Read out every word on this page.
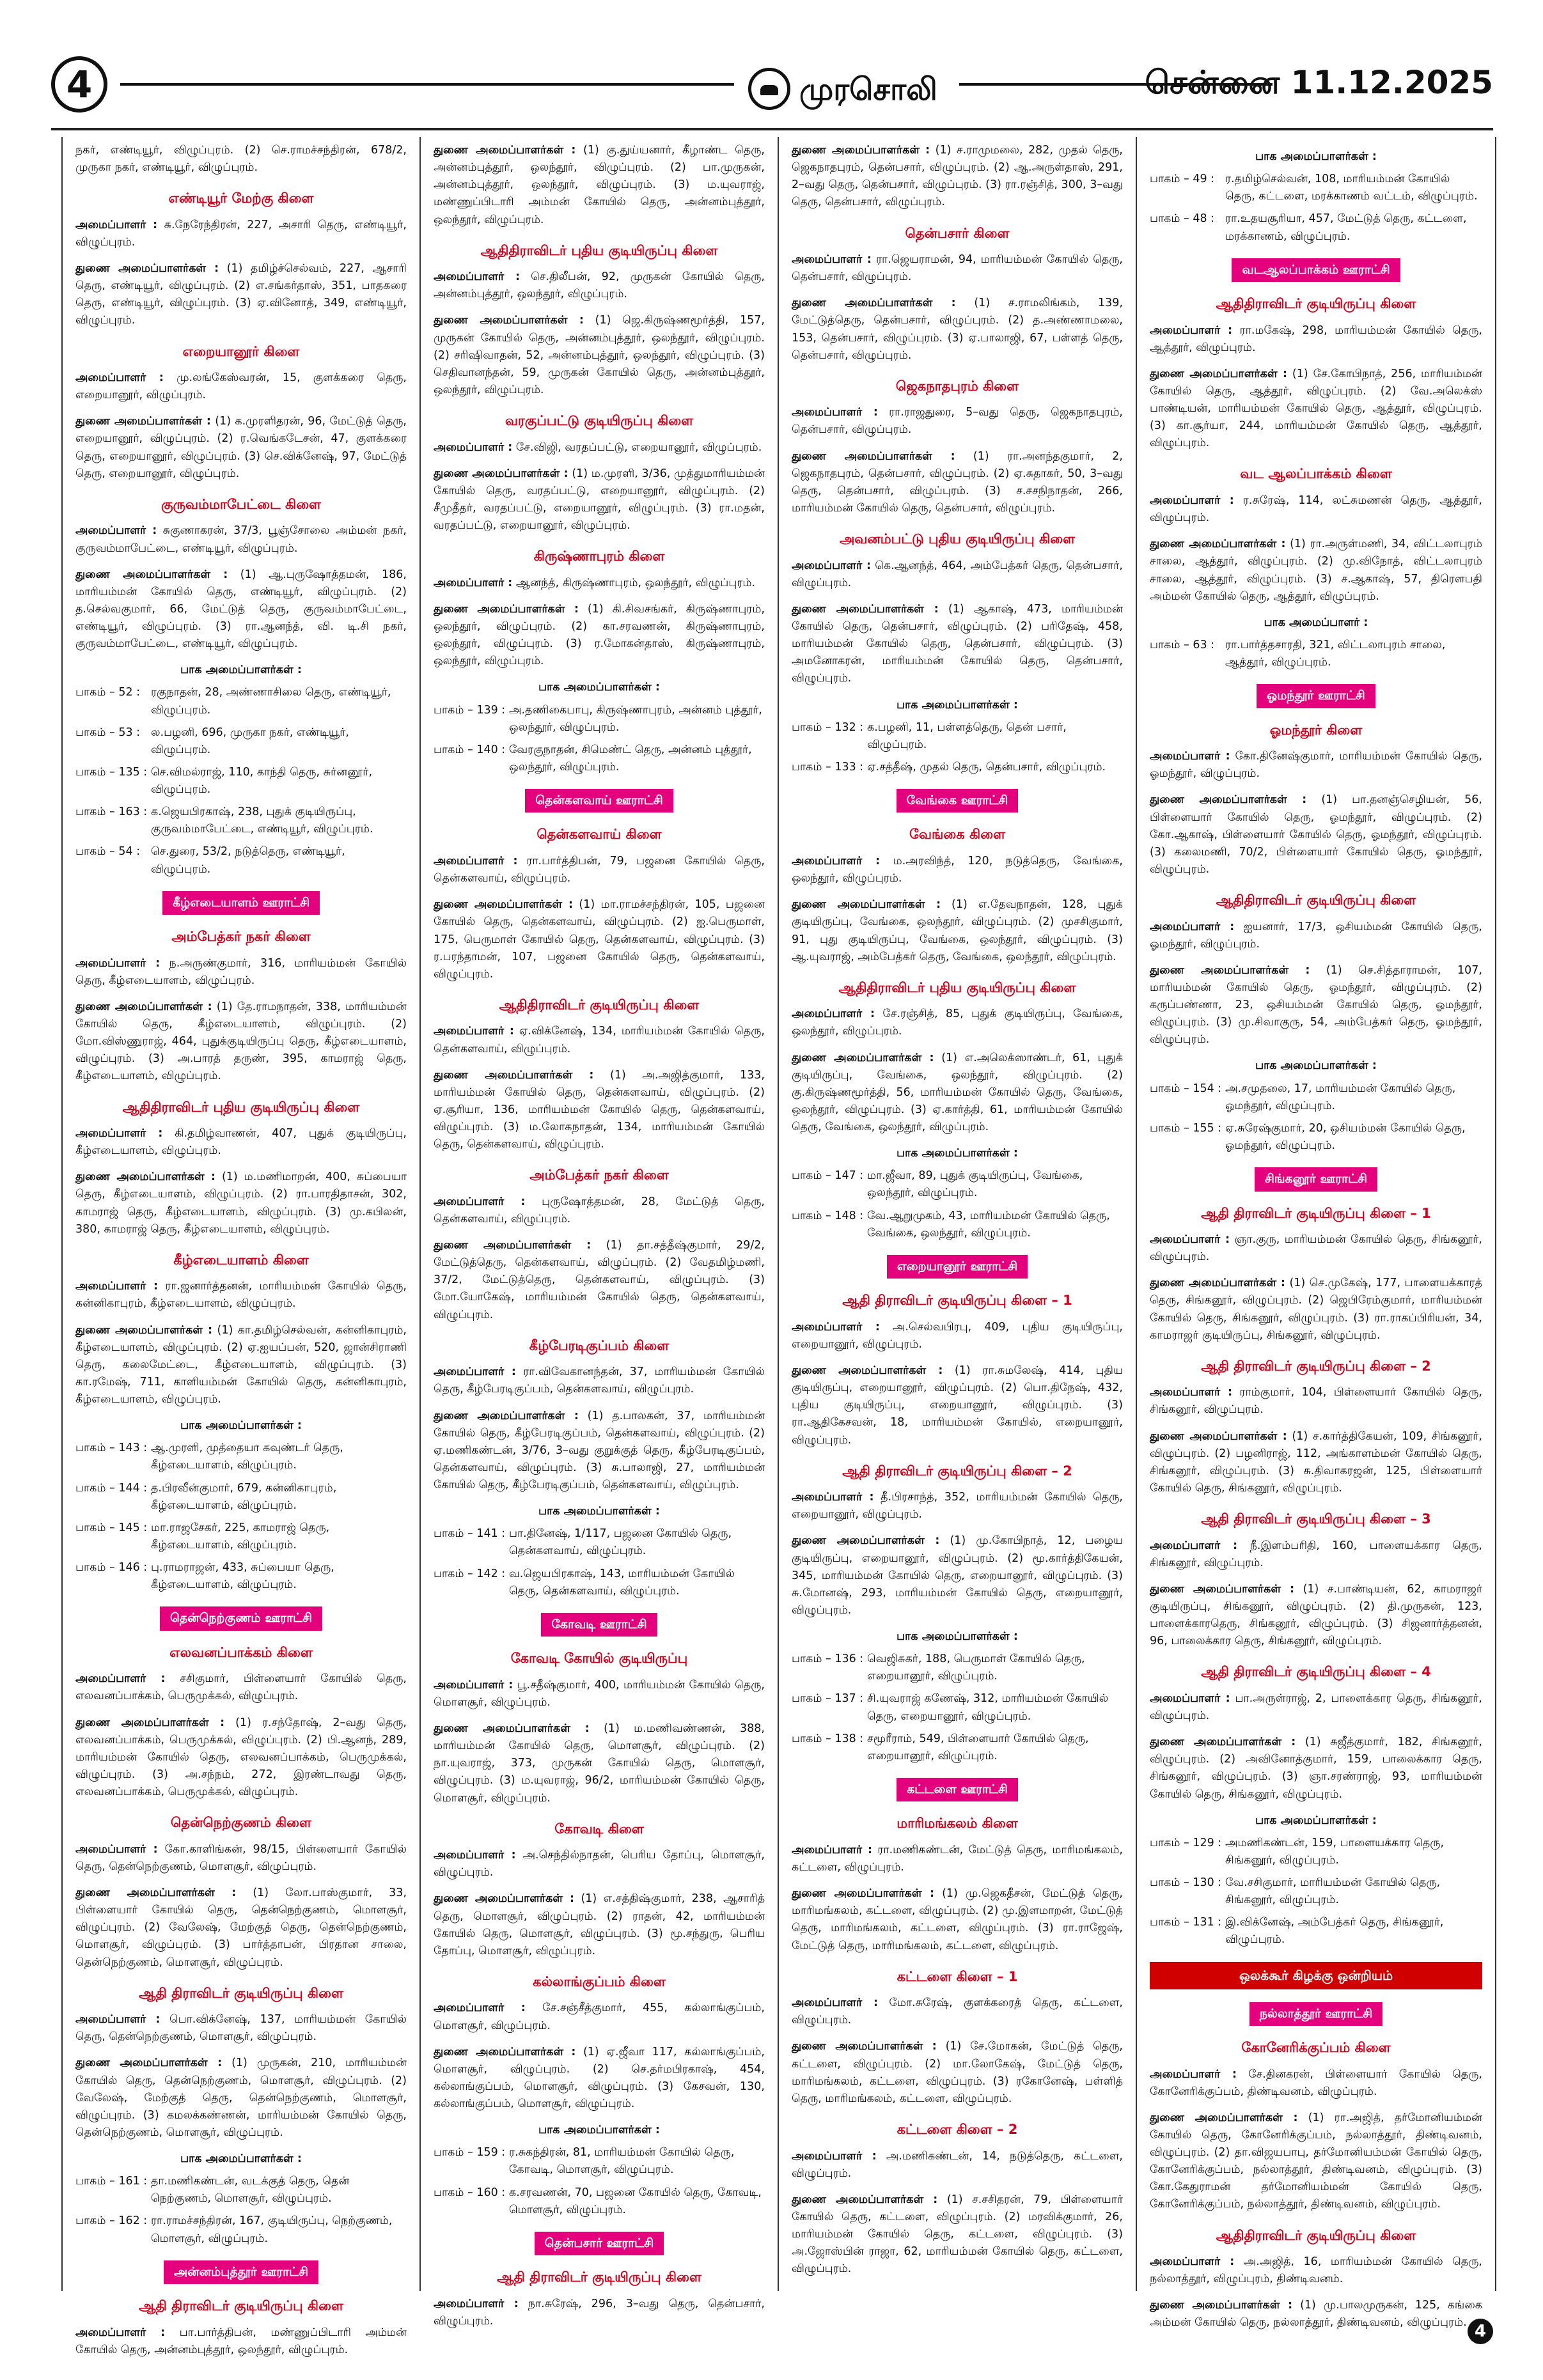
4	முரசொலி	சென்னை 11.12.2025

நகர், எண்டியூர், விழுப்புரம். (2) செ.ராமச்சந்திரன், 678/2, முருகா நகர், எண்டியூர், விழுப்புரம்.

எண்டியூர் மேற்கு கிளை

அமைப்பாளர் : சு.நேரேந்திரன், 227, அசாரி தெரு, எண்டியூர், விழுப்புரம்.

துணை அமைப்பாளர்கள் : (1) தமிழ்ச்செல்வம், 227, ஆசாரி தெரு, எண்டியூர், விழுப்புரம். (2) எ.சங்கர்தாஸ், 351, பாதகரை தெரு, எண்டியூர், விழுப்புரம். (3) ஏ.வினோத், 349, எண்டியூர், விழுப்புரம்.

எறையானூர் கிளை

அமைப்பாளர் : மு.லங்கேஸ்வரன், 15, குளக்கரை தெரு, எறையானூர், விழுப்புரம்.

துணை அமைப்பாளர்கள் : (1) க.முரளிதரன், 96, மேட்டுத் தெரு, எறையானூர், விழுப்புரம். (2) ர.வெங்கடேசன், 47, குளக்கரை தெரு, எறையானூர், விழுப்புரம். (3) செ.விக்னேஷ், 97, மேட்டுத் தெரு, எறையானூர், விழுப்புரம்.

குருவம்மாபேட்டை கிளை

அமைப்பாளர் : சுகுணாகரன், 37/3, பூஞ்சோலை அம்மன் நகர், குருவம்மாபேட்டை, எண்டியூர், விழுப்புரம்.

துணை அமைப்பாளர்கள் : (1) ஆ.புருஷோத்தமன், 186, மாரியம்மன் கோயில் தெரு, எண்டியூர், விழுப்புரம். (2) த.செல்வகுமார், 66, மேட்டுத் தெரு, குருவம்மாபேட்டை, எண்டியூர், விழுப்புரம். (3) ரா.ஆனந்த், வி. டி.சி நகர், குருவம்மாபேட்டை, எண்டியூர், விழுப்புரம்.

பாக அமைப்பாளர்கள் :
பாகம் – 52 : ரகுநாதன், 28, அண்ணாசிலை தெரு, எண்டியூர், விழுப்புரம்.
பாகம் – 53 : ல.பழனி, 696, முருகா நகர், எண்டியூர், விழுப்புரம்.
பாகம் – 135 : செ.விமல்ராஜ், 110, காந்தி தெரு, சுர்னனூர், விழுப்புரம்.
பாகம் – 163 : க.ஜெயபிரகாஷ், 238, புதுக் குடியிருப்பு, குருவம்மாபேட்டை, எண்டியூர், விழுப்புரம்.
பாகம் – 54 : செ.துரை, 53/2, நடுத்தெரு, எண்டியூர், விழுப்புரம்.
கீழ்எடையாளம் ஊராட்சி
அம்பேத்கர் நகர் கிளை

அமைப்பாளர் : ந.அருண்குமார், 316, மாரியம்மன் கோயில் தெரு, கீழ்எடையாளம், விழுப்புரம்.

துணை அமைப்பாளர்கள் : (1) தே.ராமநாதன், 338, மாரியம்மன் கோயில் தெரு, கீழ்எடையாளம், விழுப்புரம். (2) மோ.விஸ்ணுராஜ், 464, புதுக்குடியிருப்பு தெரு, கீழ்எடையாளம், விழுப்புரம். (3) அ.பாரத் தருண், 395, காமராஜ் தெரு, கீழ்எடையாளம், விழுப்புரம்.

ஆதிதிராவிடர் புதிய குடியிருப்பு கிளை

அமைப்பாளர் : கி.தமிழ்வாணன், 407, புதுக் குடியிருப்பு, கீழ்எடையாளம், விழுப்புரம்.

துணை அமைப்பாளர்கள் : (1) ம.மணிமாறன், 400, சுப்பையா தெரு, கீழ்எடையாளம், விழுப்புரம். (2) ரா.பாரதிதாசன், 302, காமராஜ் தெரு, கீழ்எடையாளம், விழுப்புரம். (3) மு.கபிலன், 380, காமராஜ் தெரு, கீழ்எடையாளம், விழுப்புரம்.

கீழ்எடையாளம் கிளை

அமைப்பாளர் : ரா.ஜனார்த்தனன், மாரியம்மன் கோயில் தெரு, கன்னிகாபுரம், கீழ்எடையாளம், விழுப்புரம்.

துணை அமைப்பாளர்கள் : (1) கா.தமிழ்செல்வன், கன்னிகாபுரம், கீழ்எடையாளம், விழுப்புரம். (2) ஏ.ஐயப்பன், 520, ஜான்சிராணி தெரு, கலைமேட்டை, கீழ்எடையாளம், விழுப்புரம். (3) கா.ரமேஷ், 711, காளியம்மன் கோயில் தெரு, கன்னிகாபுரம், கீழ்எடையாளம், விழுப்புரம்.

பாக அமைப்பாளர்கள் :
பாகம் – 143 : ஆ.முரளி, முத்தையா கவுண்டர் தெரு, கீழ்எடையாளம், விழுப்புரம்.
பாகம் – 144 : த.பிரவீன்குமார், 679, கன்னிகாபுரம், கீழ்எடையாளம், விழுப்புரம்.
பாகம் – 145 : மா.ராஜசேகர், 225, காமராஜ் தெரு, கீழ்எடையாளம், விழுப்புரம்.
பாகம் – 146 : பு.ராமராஜன், 433, சுப்பையா தெரு, கீழ்எடையாளம், விழுப்புரம்.
தென்நெற்குணம் ஊராட்சி
எலவனப்பாக்கம் கிளை

அமைப்பாளர் : சசிகுமார், பிள்ளையார் கோயில் தெரு, எலவனப்பாக்கம், பெருமுக்கல், விழுப்புரம்.

துணை அமைப்பாளர்கள் : (1) ர.சந்தோஷ், 2–வது தெரு, எலவனப்பாக்கம், பெருமுக்கல், விழுப்புரம். (2) பி.ஆனந், 289, மாரியம்மன் கோயில் தெரு, எலவனப்பாக்கம், பெருமுக்கல், விழுப்புரம். (3) அ.சந்நம், 272, இரண்டாவது தெரு, எலவனப்பாக்கம், பெருமுக்கல், விழுப்புரம்.

தென்நெற்குணம் கிளை

அமைப்பாளர் : கோ.காளிங்கன், 98/15, பிள்ளையார் கோயில் தெரு, தென்நெற்குணம், மொளசூர், விழுப்புரம்.

துணை அமைப்பாளர்கள் : (1) லோ.பாஸ்குமார், 33, பிள்ளையார் கோயில் தெரு, தென்நெற்குணம், மொளசூர், விழுப்புரம். (2) வேலேஷ், மேற்குத் தெரு, தென்நெற்குணம், மொளசூர், விழுப்புரம். (3) பார்த்தாபன், பிரதான சாலை, தென்நெற்குணம், மொளசூர், விழுப்புரம்.

ஆதி திராவிடர் குடியிருப்பு கிளை

அமைப்பாளர் : பொ.விக்னேஷ், 137, மாரியம்மன் கோயில் தெரு, தென்நெற்குணம், மொளசூர், விழுப்புரம்.

துணை அமைப்பாளர்கள் : (1) முருகன், 210, மாரியம்மன் கோயில் தெரு, தென்நெற்குணம், மொளசூர், விழுப்புரம். (2) வேலேஷ், மேற்குத் தெரு, தென்நெற்குணம், மொளசூர், விழுப்புரம். (3) கமலக்கண்ணன், மாரியம்மன் கோயில் தெரு, தென்நெற்குணம், மொளசூர், விழுப்புரம்.

பாக அமைப்பாளர்கள் :
பாகம் – 161 : தா.மணிகண்டன், வடக்குத் தெரு, தென் நெற்குணம், மொளசூர், விழுப்புரம்.
பாகம் – 162 : ரா.ராமச்சந்திரன், 167, குடியிருப்பு, நெற்குணம், மொளசூர், விழுப்புரம்.
அன்னம்புத்தூர் ஊராட்சி
ஆதி திராவிடர் குடியிருப்பு கிளை

அமைப்பாளர் : பா.பார்த்திபன், மண்ணுப்பிடாரி அம்மன் கோயில் தெரு, அன்னம்புத்தூர், ஒலந்தூர், விழுப்புரம்.

துணை அமைப்பாளர்கள் : (1) கு.துய்யனார், கீழாண்ட தெரு, அன்னம்புத்தூர், ஒலந்தூர், விழுப்புரம். (2) பா.முருகன், அன்னம்புத்தூர், ஒலந்தூர், விழுப்புரம். (3) ம.யுவராஜ், மண்ணுப்பிடாரி அம்மன் கோயில் தெரு, அன்னம்புத்தூர், ஒலந்தூர், விழுப்புரம்.

ஆதிதிராவிடர் புதிய குடியிருப்பு கிளை

அமைப்பாளர் : செ.திலீபன், 92, முருகன் கோயில் தெரு, அன்னம்புத்தூர், ஒலந்தூர், விழுப்புரம்.

துணை அமைப்பாளர்கள் : (1) ஜெ.கிருஷ்ணமூர்த்தி, 157, முருகன் கோயில் தெரு, அன்னம்புத்தூர், ஒலந்தூர், விழுப்புரம். (2) சரிஷிவாதன், 52, அன்னம்புத்தூர், ஒலந்தூர், விழுப்புரம். (3) செதிவானந்தன், 59, முருகன் கோயில் தெரு, அன்னம்புத்தூர், ஒலந்தூர், விழுப்புரம்.

வரகுப்பட்டு குடியிருப்பு கிளை

அமைப்பாளர் : சே.விஜி, வரதப்பட்டு, எறையானூர், விழுப்புரம்.

துணை அமைப்பாளர்கள் : (1) ம.முரளி, 3/36, முத்துமாரியம்மன் கோயில் தெரு, வரதப்பட்டு, எறையானூர், விழுப்புரம். (2) சீமுதீதர், வரதப்பட்டு, எறையானூர், விழுப்புரம். (3) ரா.மதன், வரதப்பட்டு, எறையானூர், விழுப்புரம்.

கிருஷ்ணாபுரம் கிளை

அமைப்பாளர் : ஆனந்த், கிருஷ்ணாபுரம், ஒலந்தூர், விழுப்புரம்.

துணை அமைப்பாளர்கள் : (1) கி.சிவசங்கர், கிருஷ்ணாபுரம், ஒலந்தூர், விழுப்புரம். (2) கா.சரவணன், கிருஷ்ணாபுரம், ஒலந்தூர், விழுப்புரம். (3) ர.மோகன்தாஸ், கிருஷ்ணாபுரம், ஒலந்தூர், விழுப்புரம்.

பாக அமைப்பாளர்கள் :
பாகம் – 139 : அ.தணிகைபாபு, கிருஷ்ணாபுரம், அன்னம் புத்தூர், ஒலந்தூர், விழுப்புரம்.
பாகம் – 140 : வேரகுநாதன், சிமெண்ட் தெரு, அன்னம் புத்தூர், ஒலந்தூர், விழுப்புரம்.
தென்களவாய் ஊராட்சி
தென்களவாய் கிளை

அமைப்பாளர் : ரா.பார்த்திபன், 79, பஜனை கோயில் தெரு, தென்களவாய், விழுப்புரம்.

துணை அமைப்பாளர்கள் : (1) மா.ராமச்சந்திரன், 105, பஜனை கோயில் தெரு, தென்களவாய், விழுப்புரம். (2) ஐ.பெருமாள், 175, பெருமாள் கோயில் தெரு, தென்களவாய், விழுப்புரம். (3) ர.பரந்தாமன், 107, பஜனை கோயில் தெரு, தென்களவாய், விழுப்புரம்.

ஆதிதிராவிடர் குடியிருப்பு கிளை

அமைப்பாளர் : ஏ.விக்னேஷ், 134, மாரியம்மன் கோயில் தெரு, தென்களவாய், விழுப்புரம்.

துணை அமைப்பாளர்கள் : (1) அ.அஜித்குமார், 133, மாரியம்மன் கோயில் தெரு, தென்களவாய், விழுப்புரம். (2) ஏ.சூரியா, 136, மாரியம்மன் கோயில் தெரு, தென்களவாய், விழுப்புரம். (3) ம.லோகநாதன், 134, மாரியம்மன் கோயில் தெரு, தென்களவாய், விழுப்புரம்.

அம்பேத்கர் நகர் கிளை

அமைப்பாளர் : புருஷோத்தமன், 28, மேட்டுத் தெரு, தென்களவாய், விழுப்புரம்.

துணை அமைப்பாளர்கள் : (1) தா.சத்தீஷ்குமார், 29/2, மேட்டுத்தெரு, தென்களவாய், விழுப்புரம். (2) வேதமிழ்மணி, 37/2, மேட்டுத்தெரு, தென்களவாய், விழுப்புரம். (3) மோ.யோகேஷ், மாரியம்மன் கோயில் தெரு, தென்களவாய், விழுப்புரம்.

கீழ்பேரடிகுப்பம் கிளை

அமைப்பாளர் : ரா.விவேகானந்தன், 37, மாரியம்மன் கோயில் தெரு, கீழ்பேரடிகுப்பம், தென்களவாய், விழுப்புரம்.

துணை அமைப்பாளர்கள் : (1) த.பாலகன், 37, மாரியம்மன் கோயில் தெரு, கீழ்பேரடிகுப்பம், தென்களவாய், விழுப்புரம். (2) ஏ.மணிகண்டன், 3/76, 3–வது குறுக்குத் தெரு, கீழ்பேரடிகுப்பம், தென்களவாய், விழுப்புரம். (3) சு.பாலாஜி, 27, மாரியம்மன் கோயில் தெரு, கீழ்பேரடிகுப்பம், தென்களவாய், விழுப்புரம்.

பாக அமைப்பாளர்கள் :
பாகம் – 141 : பா.தினேஷ், 1/117, பஜனை கோயில் தெரு, தென்களவாய், விழுப்புரம்.
பாகம் – 142 : வ.ஜெயபிரகாஷ், 143, மாரியம்மன் கோயில் தெரு, தென்களவாய், விழுப்புரம்.
கோவடி ஊராட்சி
கோவடி கோயில் குடியிருப்பு

அமைப்பாளர் : பூ.சதீஷ்குமார், 400, மாரியம்மன் கோயில் தெரு, மொளசூர், விழுப்புரம்.

துணை அமைப்பாளர்கள் : (1) ம.மணிவண்ணன், 388, மாரியம்மன் கோயில் தெரு, மொளசூர், விழுப்புரம். (2) நா.யுவராஜ், 373, முருகன் கோயில் தெரு, மொளசூர், விழுப்புரம். (3) ம.யுவராஜ், 96/2, மாரியம்மன் கோயில் தெரு, மொளசூர், விழுப்புரம்.

கோவடி கிளை

அமைப்பாளர் : அ.செந்தில்நாதன், பெரிய தோப்பு, மொளசூர், விழுப்புரம்.

துணை அமைப்பாளர்கள் : (1) எ.சத்திஷ்குமார், 238, ஆசாரித் தெரு, மொளசூர், விழுப்புரம். (2) ராதன், 42, மாரியம்மன் கோயில் தெரு, மொளசூர், விழுப்புரம். (3) மூ.சந்துரு, பெரிய தோப்பு, மொளசூர், விழுப்புரம்.

கல்லாங்குப்பம் கிளை

அமைப்பாளர் : சே.சஞ்சீத்குமார், 455, கல்லாங்குப்பம், மொளசூர், விழுப்புரம்.

துணை அமைப்பாளர்கள் : (1) ஏ.ஜீவா 117, கல்லாங்குப்பம், மொளசூர், விழுப்புரம். (2) செ.தர்மபிரகாஷ், 454, கல்லாங்குப்பம், மொளசூர், விழுப்புரம். (3) கேசவன், 130, கல்லாங்குப்பம், மொளசூர், விழுப்புரம்.

பாக அமைப்பாளர்கள் :
பாகம் – 159 : ர.சுகந்திரன், 81, மாரியம்மன் கோயில் தெரு, கோவடி, மொளசூர், விழுப்புரம்.
பாகம் – 160 : க.சரவணன், 70, பஜனை கோயில் தெரு, கோவடி, மொளசூர், விழுப்புரம்.
தென்பசார் ஊராட்சி
ஆதி திராவிடர் குடியிருப்பு கிளை

அமைப்பாளர் : நா.சுரேஷ், 296, 3–வது தெரு, தென்பசார், விழுப்புரம்.

துணை அமைப்பாளர்கள் : (1) ச.ராமுமலை, 282, முதல் தெரு, ஜெகநாதபுரம், தென்பசார், விழுப்புரம். (2) ஆ.அருள்தாஸ், 291, 2–வது தெரு, தென்பசார், விழுப்புரம். (3) ரா.ரஞ்சித், 300, 3–வது தெரு, தென்பசார், விழுப்புரம்.

தென்பசார் கிளை

அமைப்பாளர் : ரா.ஜெயராமன், 94, மாரியம்மன் கோயில் தெரு, தென்பசார், விழுப்புரம்.

துணை அமைப்பாளர்கள் : (1) ச.ராமலிங்கம், 139, மேட்டுத்தெரு, தென்பசார், விழுப்புரம். (2) த.அண்ணாமலை, 153, தென்பசார், விழுப்புரம். (3) ஏ.பாலாஜி, 67, பள்ளத் தெரு, தென்பசார், விழுப்புரம்.

ஜெகநாதபுரம் கிளை

அமைப்பாளர் : ரா.ராஜதுரை, 5–வது தெரு, ஜெகநாதபுரம், தென்பசார், விழுப்புரம்.

துணை அமைப்பாளர்கள் : (1) ரா.அனந்தகுமார், 2, ஜெகநாதபுரம், தென்பசார், விழுப்புரம். (2) ஏ.சுதாகர், 50, 3–வது தெரு, தென்பசார், விழுப்புரம். (3) ச.சசநிநாதன், 266, மாரியம்மன் கோயில் தெரு, தென்பசார், விழுப்புரம்.

அவனம்பட்டு புதிய குடியிருப்பு கிளை

அமைப்பாளர் : கெ.ஆனந்த், 464, அம்பேத்கர் தெரு, தென்பசார், விழுப்புரம்.

துணை அமைப்பாளர்கள் : (1) ஆகாஷ், 473, மாரியம்மன் கோயில் தெரு, தென்பசார், விழுப்புரம். (2) பரிதேஷ், 458, மாரியம்மன் கோயில் தெரு, தென்பசார், விழுப்புரம். (3) அமனோகரன், மாரியம்மன் கோயில் தெரு, தென்பசார், விழுப்புரம்.

பாக அமைப்பாளர்கள் :
பாகம் – 132 : க.பழனி, 11, பள்ளத்தெரு, தென் பசார், விழுப்புரம்.
பாகம் – 133 : ஏ.சத்தீஷ், முதல் தெரு, தென்பசார், விழுப்புரம்.
வேங்கை ஊராட்சி
வேங்கை கிளை

அமைப்பாளர் : ம.அரவிந்த், 120, நடுத்தெரு, வேங்கை, ஒலந்தூர், விழுப்புரம்.

துணை அமைப்பாளர்கள் : (1) எ.தேவநாதன், 128, புதுக் குடியிருப்பு, வேங்கை, ஒலந்தூர், விழுப்புரம். (2) முசசிகுமார், 91, புது குடியிருப்பு, வேங்கை, ஒலந்தூர், விழுப்புரம். (3) ஆ.யுவராஜ், அம்பேத்கர் தெரு, வேங்கை, ஒலந்தூர், விழுப்புரம்.

ஆதிதிராவிடர் புதிய குடியிருப்பு கிளை

அமைப்பாளர் : சே.ரஞ்சித், 85, புதுக் குடியிருப்பு, வேங்கை, ஒலந்தூர், விழுப்புரம்.

துணை அமைப்பாளர்கள் : (1) எ.அலெக்ஸாண்டர், 61, புதுக் குடியிருப்பு, வேங்கை, ஒலந்தூர், விழுப்புரம். (2) கு.கிருஷ்ணமூர்த்தி, 56, மாரியம்மன் கோயில் தெரு, வேங்கை, ஒலந்தூர், விழுப்புரம். (3) ஏ.கார்த்தி, 61, மாரியம்மன் கோயில் தெரு, வேங்கை, ஒலந்தூர், விழுப்புரம்.

பாக அமைப்பாளர்கள் :
பாகம் – 147 : மா.ஜீவா, 89, புதுக் குடியிருப்பு, வேங்கை, ஒலந்தூர், விழுப்புரம்.
பாகம் – 148 : வே.ஆறுமுகம், 43, மாரியம்மன் கோயில் தெரு, வேங்கை, ஒலந்தூர், விழுப்புரம்.
எறையானூர் ஊராட்சி
ஆதி திராவிடர் குடியிருப்பு கிளை – 1

அமைப்பாளர் : அ.செல்வபிரபு, 409, புதிய குடியிருப்பு, எறையானூர், விழுப்புரம்.

துணை அமைப்பாளர்கள் : (1) ரா.சுமலேஷ், 414, புதிய குடியிருப்பு, எறையானூர், விழுப்புரம். (2) பொ.திநேஷ், 432, புதிய குடியிருப்பு, எறையானூர், விழுப்புரம். (3) ரா.ஆதிகேசவன், 18, மாரியம்மன் கோயில், எறையானூர், விழுப்புரம்.

ஆதி திராவிடர் குடியிருப்பு கிளை – 2

அமைப்பாளர் : தீ.பிரசாந்த், 352, மாரியம்மன் கோயில் தெரு, எறையானூர், விழுப்புரம்.

துணை அமைப்பாளர்கள் : (1) மு.கோபிநாத், 12, பழைய குடியிருப்பு, எறையானூர், விழுப்புரம். (2) மூ.கார்த்திகேயன், 345, மாரியம்மன் கோயில் தெரு, எறையானூர், விழுப்புரம். (3) சு.மோனஷ், 293, மாரியம்மன் கோயில் தெரு, எறையானூர், விழுப்புரம்.

பாக அமைப்பாளர்கள் :
பாகம் – 136 : வெஜிசுகர், 188, பெருமாள் கோயில் தெரு, எறையானூர், விழுப்புரம்.
பாகம் – 137 : சி.யுவராஜ் கணேஷ், 312, மாரியம்மன் கோயில் தெரு, எறையானூர், விழுப்புரம்.
பாகம் – 138 : சமூரீராம், 549, பிள்ளையார் கோயில் தெரு, எறையானூர், விழுப்புரம்.
கட்டளை ஊராட்சி
மாரிமங்கலம் கிளை

அமைப்பாளர் : ரா.மணிகண்டன், மேட்டுத் தெரு, மாரிமங்கலம், கட்டளை, விழுப்புரம்.

துணை அமைப்பாளர்கள் : (1) மு.ஜெகதீசன், மேட்டுத் தெரு, மாரிமங்கலம், கட்டளை, விழுப்புரம். (2) மு.இளமாறன், மேட்டுத் தெரு, மாரிமங்கலம், கட்டளை, விழுப்புரம். (3) ரா.ராஜேஷ், மேட்டுத் தெரு, மாரிமங்கலம், கட்டளை, விழுப்புரம்.

கட்டளை கிளை – 1

அமைப்பாளர் : மோ.சுரேஷ், குளக்கரைத் தெரு, கட்டளை, விழுப்புரம்.

துணை அமைப்பாளர்கள் : (1) சே.மோகன், மேட்டுத் தெரு, கட்டளை, விழுப்புரம். (2) மா.லோகேஷ், மேட்டுத் தெரு, மாரிமங்கலம், கட்டளை, விழுப்புரம். (3) ரகோனேஷ், பள்ளித் தெரு, மாரிமங்கலம், கட்டளை, விழுப்புரம்.

கட்டளை கிளை – 2

அமைப்பாளர் : அ.மணிகண்டன், 14, நடுத்தெரு, கட்டளை, விழுப்புரம்.

துணை அமைப்பாளர்கள் : (1) ச.சசிதரன், 79, பிள்ளையார் கோயில் தெரு, கட்டளை, விழுப்புரம். (2) மரவிக்குமார், 26, மாரியம்மன் கோயில் தெரு, கட்டளை, விழுப்புரம். (3) அ.ஜோஸ்பின் ராஜா, 62, மாரியம்மன் கோயில் தெரு, கட்டளை, விழுப்புரம்.

பாக அமைப்பாளர்கள் :
பாகம் – 49 : ர.தமிழ்செல்வன், 108, மாரியம்மன் கோயில் தெரு, கட்டளை, மரக்காணம் வட்டம், விழுப்புரம்.
பாகம் – 48 : ரா.உதயசூரியா, 457, மேட்டுத் தெரு, கட்டளை, மரக்காணம், விழுப்புரம்.
வடஆலப்பாக்கம் ஊராட்சி
ஆதிதிராவிடர் குடியிருப்பு கிளை

அமைப்பாளர் : ரா.மகேஷ், 298, மாரியம்மன் கோயில் தெரு, ஆத்தூர், விழுப்புரம்.

துணை அமைப்பாளர்கள் : (1) சே.கோபிநாத், 256, மாரியம்மன் கோயில் தெரு, ஆத்தூர், விழுப்புரம். (2) வே.அலெக்ஸ் பாண்டியன், மாரியம்மன் கோயில் தெரு, ஆத்தூர், விழுப்புரம். (3) கா.சூர்யா, 244, மாரியம்மன் கோயில் தெரு, ஆத்தூர், விழுப்புரம்.

வட ஆலப்பாக்கம் கிளை

அமைப்பாளர் : ர.சுரேஷ், 114, லட்சுமணன் தெரு, ஆத்தூர், விழுப்புரம்.

துணை அமைப்பாளர்கள் : (1) ரா.அருள்மணி, 34, விட்டலாபுரம் சாலை, ஆத்தூர், விழுப்புரம். (2) மு.விநோத், விட்டலாபுரம் சாலை, ஆத்தூர், விழுப்புரம். (3) ச.ஆகாஷ், 57, திரௌபதி அம்மன் கோயில் தெரு, ஆத்தூர், விழுப்புரம்.

பாக அமைப்பாளர் :
பாகம் – 63 : ரா.பார்த்தசாரதி, 321, விட்டலாபுரம் சாலை, ஆத்தூர், விழுப்புரம்.
ஓமந்தூர் ஊராட்சி
ஓமந்தூர் கிளை

அமைப்பாளர் : கோ.தினேஷ்குமார், மாரியம்மன் கோயில் தெரு, ஓமந்தூர், விழுப்புரம்.

துணை அமைப்பாளர்கள் : (1) பா.தனஞ்செழியன், 56, பிள்ளையார் கோயில் தெரு, ஓமந்தூர், விழுப்புரம். (2) கோ.ஆகாஷ், பிள்ளையார் கோயில் தெரு, ஓமந்தூர், விழுப்புரம். (3) கலைமணி, 70/2, பிள்ளையார் கோயில் தெரு, ஓமந்தூர், விழுப்புரம்.

ஆதிதிராவிடர் குடியிருப்பு கிளை

அமைப்பாளர் : ஐயனார், 17/3, ஒசியம்மன் கோயில் தெரு, ஓமந்தூர், விழுப்புரம்.

துணை அமைப்பாளர்கள் : (1) செ.சித்தாராமன், 107, மாரியம்மன் கோயில் தெரு, ஓமந்தூர், விழுப்புரம். (2) கருப்பண்ணா, 23, ஒசியம்மன் கோயில் தெரு, ஓமந்தூர், விழுப்புரம். (3) மு.சிவாகுரு, 54, அம்பேத்கர் தெரு, ஓமந்தூர், விழுப்புரம்.

பாக அமைப்பாளர்கள் :
பாகம் – 154 : அ.சமுதலை, 17, மாரியம்மன் கோயில் தெரு, ஓமந்தூர், விழுப்புரம்.
பாகம் – 155 : ஏ.சுரேஷ்குமார், 20, ஒசியம்மன் கோயில் தெரு, ஓமந்தூர், விழுப்புரம்.
சிங்கனூர் ஊராட்சி
ஆதி திராவிடர் குடியிருப்பு கிளை – 1

அமைப்பாளர் : ஞா.குரு, மாரியம்மன் கோயில் தெரு, சிங்கனூர், விழுப்புரம்.

துணை அமைப்பாளர்கள் : (1) செ.முகேஷ், 177, பாளையக்காரத் தெரு, சிங்கனூர், விழுப்புரம். (2) ஜெபிரேம்குமார், மாரியம்மன் கோயில் தெரு, சிங்கனூர், விழுப்புரம். (3) ரா.ராகப்பிரியன், 34, காமராஜர் குடியிருப்பு, சிங்கனூர், விழுப்புரம்.

ஆதி திராவிடர் குடியிருப்பு கிளை – 2

அமைப்பாளர் : ராம்குமார், 104, பிள்ளையார் கோயில் தெரு, சிங்கனூர், விழுப்புரம்.

துணை அமைப்பாளர்கள் : (1) ச.கார்த்திகேயன், 109, சிங்கனூர், விழுப்புரம். (2) பழனிராஜ், 112, அங்காளம்மன் கோயில் தெரு, சிங்கனூர், விழுப்புரம். (3) சு.திவாகரஜன், 125, பிள்ளையார் கோயில் தெரு, சிங்கனூர், விழுப்புரம்.

ஆதி திராவிடர் குடியிருப்பு கிளை – 3

அமைப்பாளர் : நீ.இளம்பரிதி, 160, பாளையக்கார தெரு, சிங்கனூர், விழுப்புரம்.

துணை அமைப்பாளர்கள் : (1) ச.பாண்டியன், 62, காமராஜர் குடியிருப்பு, சிங்கனூர், விழுப்புரம். (2) தி.முருகன், 123, பாளைக்காரதெரு, சிங்கனூர், விழுப்புரம். (3) சிஜனார்த்தனன், 96, பாலைக்கார தெரு, சிங்கனூர், விழுப்புரம்.

ஆதி திராவிடர் குடியிருப்பு கிளை – 4

அமைப்பாளர் : பா.அருள்ராஜ், 2, பாளைக்கார தெரு, சிங்கனூர், விழுப்புரம்.

துணை அமைப்பாளர்கள் : (1) சுஜீத்குமார், 182, சிங்கனூர், விழுப்புரம். (2) அவினோத்குமார், 159, பாலைக்கார தெரு, சிங்கனூர், விழுப்புரம். (3) ஞா.சரண்ராஜ், 93, மாரியம்மன் கோயில் தெரு, சிங்கனூர், விழுப்புரம்.

பாக அமைப்பாளர்கள் :
பாகம் – 129 : அமணிகண்டன், 159, பாளையக்கார தெரு, சிங்கனூர், விழுப்புரம்.
பாகம் – 130 : வே.சசிகுமார், மாரியம்மன் கோயில் தெரு, சிங்கனூர், விழுப்புரம்.
பாகம் – 131 : இ.விக்னேஷ், அம்பேத்கர் தெரு, சிங்கனூர், விழுப்புரம்.
ஒலக்கூர் கிழக்கு ஒன்றியம்
நல்லாத்தூர் ஊராட்சி
கோனேரிக்குப்பம் கிளை

அமைப்பாளர் : சே.தினகரன், பிள்ளையார் கோயில் தெரு, கோனேரிக்குப்பம், திண்டிவனம், விழுப்புரம்.

துணை அமைப்பாளர்கள் : (1) ரா.அஜித், தர்மோனியம்மன் கோயில் தெரு, கோனேரிக்குப்பம், நல்லாத்தூர், திண்டிவனம், விழுப்புரம். (2) தா.விஜயபாபு, தர்மோனியம்மன் கோயில் தெரு, கோனேரிக்குப்பம், நல்லாத்தூர், திண்டிவனம், விழுப்புரம். (3) கோ.கேதுராமன் தர்மோனியம்மன் கோயில் தெரு, கோனேரிக்குப்பம், நல்லாத்தூர், திண்டிவனம், விழுப்புரம்.

ஆதிதிராவிடர் குடியிருப்பு கிளை

அமைப்பாளர் : அ.அஜித், 16, மாரியம்மன் கோயில் தெரு, நல்லாத்தூர், விழுப்புரம், திண்டிவனம்.

துணை அமைப்பாளர்கள் : (1) மு.பாலமுருகன், 125, கங்கை அம்மன் கோயில் தெரு, நல்லாத்தூர், திண்டிவனம், விழுப்புரம். 4
